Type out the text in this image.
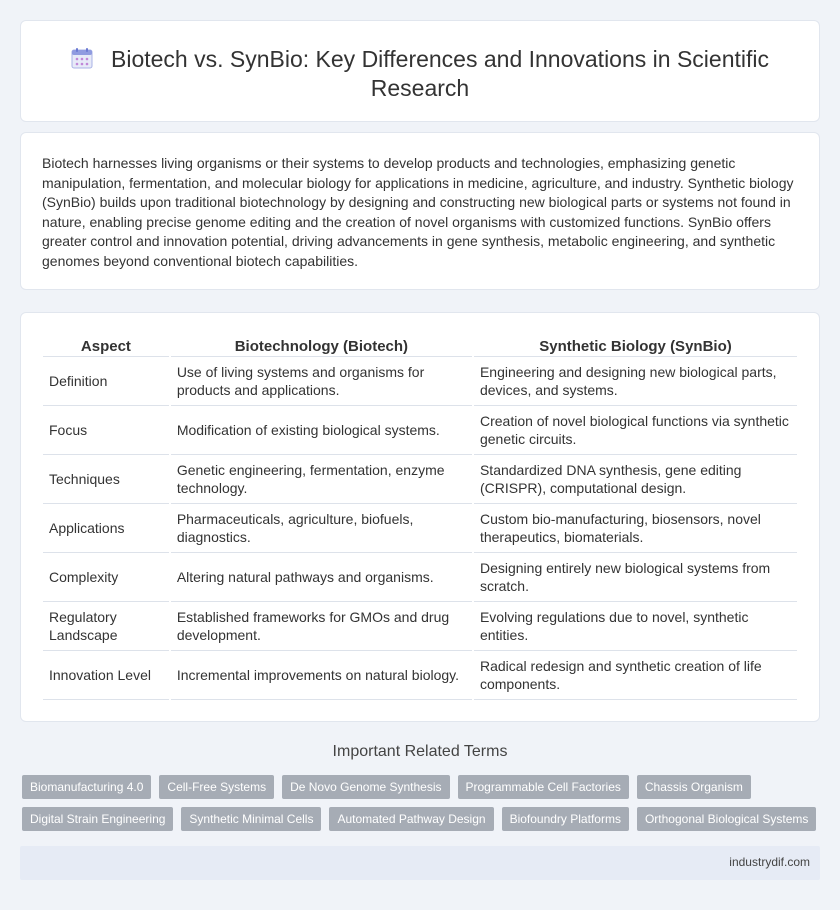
Biotech vs. SynBio: Key Differences and Innovations in Scientific Research

Biotech harnesses living organisms or their systems to develop products and technologies, emphasizing genetic manipulation, fermentation, and molecular biology for applications in medicine, agriculture, and industry. Synthetic biology (SynBio) builds upon traditional biotechnology by designing and constructing new biological parts or systems not found in nature, enabling precise genome editing and the creation of novel organisms with customized functions. SynBio offers greater control and innovation potential, driving advancements in gene synthesis, metabolic engineering, and synthetic genomes beyond conventional biotech capabilities.

Aspect	Biotechnology (Biotech)	Synthetic Biology (SynBio)
Definition	Use of living systems and organisms for products and applications.	Engineering and designing new biological parts, devices, and systems.
Focus	Modification of existing biological systems.	Creation of novel biological functions via synthetic genetic circuits.
Techniques	Genetic engineering, fermentation, enzyme technology.	Standardized DNA synthesis, gene editing (CRISPR), computational design.
Applications	Pharmaceuticals, agriculture, biofuels, diagnostics.	Custom bio-manufacturing, biosensors, novel therapeutics, biomaterials.
Complexity	Altering natural pathways and organisms.	Designing entirely new biological systems from scratch.
Regulatory Landscape	Established frameworks for GMOs and drug development.	Evolving regulations due to novel, synthetic entities.
Innovation Level	Incremental improvements on natural biology.	Radical redesign and synthetic creation of life components.
Important Related Terms
Biomanufacturing 4.0	Cell-Free Systems	De Novo Genome Synthesis	Programmable Cell Factories	Chassis Organism
Digital Strain Engineering	Synthetic Minimal Cells	Automated Pathway Design	Biofoundry Platforms	Orthogonal Biological Systems
industrydif.com
